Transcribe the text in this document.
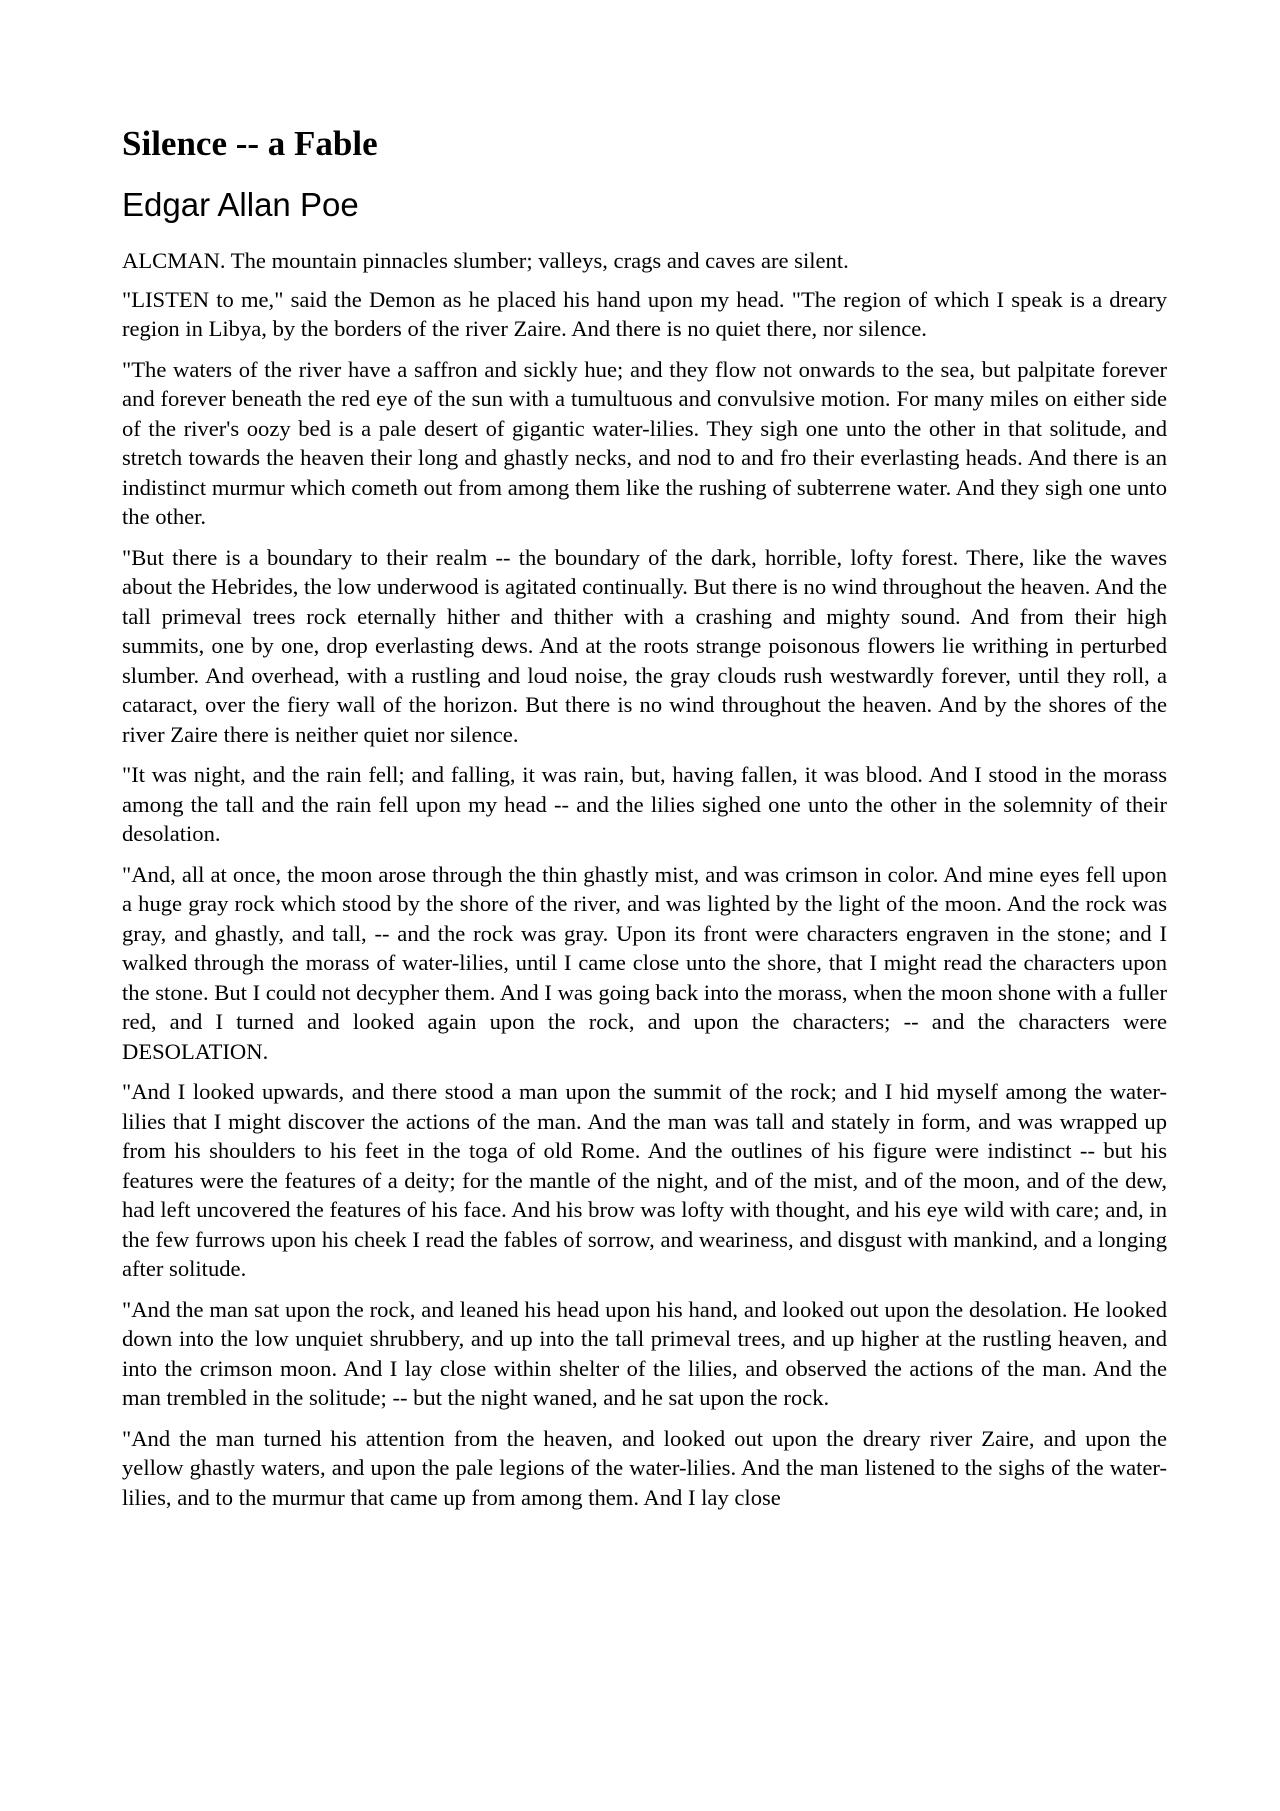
Silence -- a Fable
Edgar Allan Poe

ALCMAN. The mountain pinnacles slumber; valleys, crags and caves are silent.

"LISTEN to me," said the Demon as he placed his hand upon my head. "The region of which I speak is a dreary region in Libya, by the borders of the river Zaire. And there is no quiet there, nor silence.

"The waters of the river have a saffron and sickly hue; and they flow not onwards to the sea, but palpitate forever and forever beneath the red eye of the sun with a tumultuous and convulsive motion. For many miles on either side of the river's oozy bed is a pale desert of gigantic water-lilies. They sigh one unto the other in that solitude, and stretch towards the heaven their long and ghastly necks, and nod to and fro their everlasting heads. And there is an indistinct murmur which cometh out from among them like the rushing of subterrene water. And they sigh one unto the other.

"But there is a boundary to their realm -- the boundary of the dark, horrible, lofty forest. There, like the waves about the Hebrides, the low underwood is agitated continually. But there is no wind throughout the heaven. And the tall primeval trees rock eternally hither and thither with a crashing and mighty sound. And from their high summits, one by one, drop everlasting dews. And at the roots strange poisonous flowers lie writhing in perturbed slumber. And overhead, with a rustling and loud noise, the gray clouds rush westwardly forever, until they roll, a cataract, over the fiery wall of the horizon. But there is no wind throughout the heaven. And by the shores of the river Zaire there is neither quiet nor silence.

"It was night, and the rain fell; and falling, it was rain, but, having fallen, it was blood. And I stood in the morass among the tall and the rain fell upon my head -- and the lilies sighed one unto the other in the solemnity of their desolation.

"And, all at once, the moon arose through the thin ghastly mist, and was crimson in color. And mine eyes fell upon a huge gray rock which stood by the shore of the river, and was lighted by the light of the moon. And the rock was gray, and ghastly, and tall, -- and the rock was gray. Upon its front were characters engraven in the stone; and I walked through the morass of water-lilies, until I came close unto the shore, that I might read the characters upon the stone. But I could not decypher them. And I was going back into the morass, when the moon shone with a fuller red, and I turned and looked again upon the rock, and upon the characters; -- and the characters were DESOLATION.

"And I looked upwards, and there stood a man upon the summit of the rock; and I hid myself among the water-lilies that I might discover the actions of the man. And the man was tall and stately in form, and was wrapped up from his shoulders to his feet in the toga of old Rome. And the outlines of his figure were indistinct -- but his features were the features of a deity; for the mantle of the night, and of the mist, and of the moon, and of the dew, had left uncovered the features of his face. And his brow was lofty with thought, and his eye wild with care; and, in the few furrows upon his cheek I read the fables of sorrow, and weariness, and disgust with mankind, and a longing after solitude.

"And the man sat upon the rock, and leaned his head upon his hand, and looked out upon the desolation. He looked down into the low unquiet shrubbery, and up into the tall primeval trees, and up higher at the rustling heaven, and into the crimson moon. And I lay close within shelter of the lilies, and observed the actions of the man. And the man trembled in the solitude; -- but the night waned, and he sat upon the rock.

"And the man turned his attention from the heaven, and looked out upon the dreary river Zaire, and upon the yellow ghastly waters, and upon the pale legions of the water-lilies. And the man listened to the sighs of the water-lilies, and to the murmur that came up from among them. And I lay close
